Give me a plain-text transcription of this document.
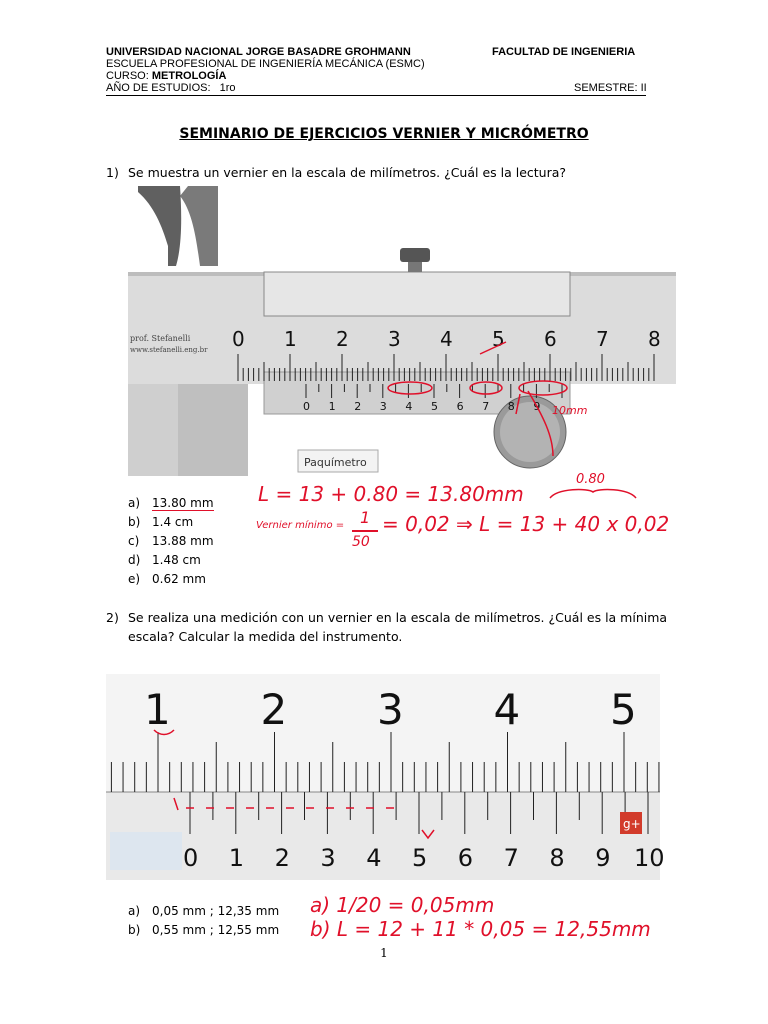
UNIVERSIDAD NACIONAL JORGE BASADRE GROHMANN	FACULTAD DE INGENIERIA
ESCUELA PROFESIONAL DE INGENIERÍA MECÁNICA (ESMC)
CURSO: METROLOGÍA
AÑO DE ESTUDIOS: 1ro	SEMESTRE: II
SEMINARIO DE EJERCICIOS VERNIER Y MICRÓMETRO
1) Se muestra un vernier en la escala de milímetros. ¿Cuál es la lectura?
0 1 2 3 4 5 6 7 8
0 1 2 3 4 5 6 7 8 9
prof. Stefanelli
www.stefanelli.eng.br
Paquímetro
10mm
a) 13.80 mm
b) 1.4 cm
c) 13.88 mm
d) 1.48 cm
e) 0.62 mm
L = 13 + 0.80 = 13.80mm
0.80
Vernier mínimo = 1
50
= 0,02 ⇒ L = 13 + 40 x 0,02
2) Se realiza una medición con un vernier en la escala de milímetros. ¿Cuál es la mínima
escala? Calcular la medida del instrumento.
1 2 3 4 5
0 1 2 3 4 5 6 7 8 9 10
g+
a) 0,05 mm ; 12,35 mm
b) 0,55 mm ; 12,55 mm
a) 1/20 = 0,05mm
b) L = 12 + 11 * 0,05 = 12,55mm
1
